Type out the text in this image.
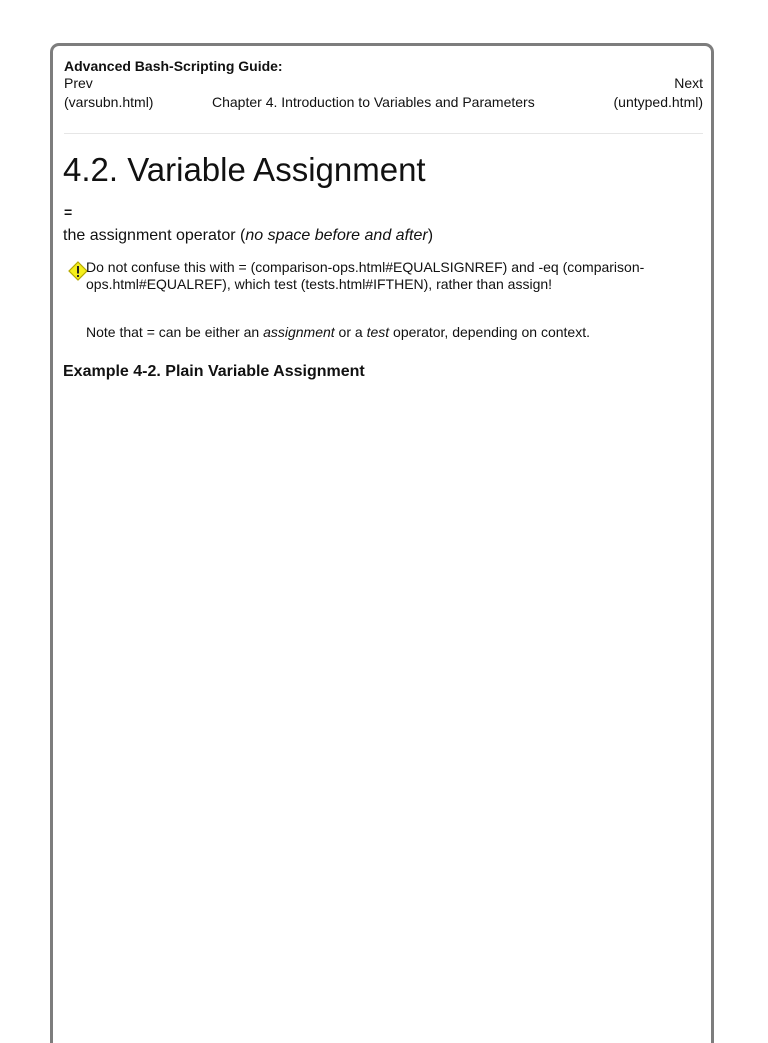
Advanced Bash-Scripting Guide:
Prev
(varsubn.html)	Chapter 4. Introduction to Variables and Parameters
Next
(untyped.html)
4.2. Variable Assignment
=
the assignment operator (no space before and after)
Do not confuse this with = (comparison-ops.html#EQUALSIGNREF) and -eq (comparison-ops.html#EQUALREF), which test (tests.html#IFTHEN), rather than assign!
Note that = can be either an assignment or a test operator, depending on context.
Example 4-2. Plain Variable Assignment
